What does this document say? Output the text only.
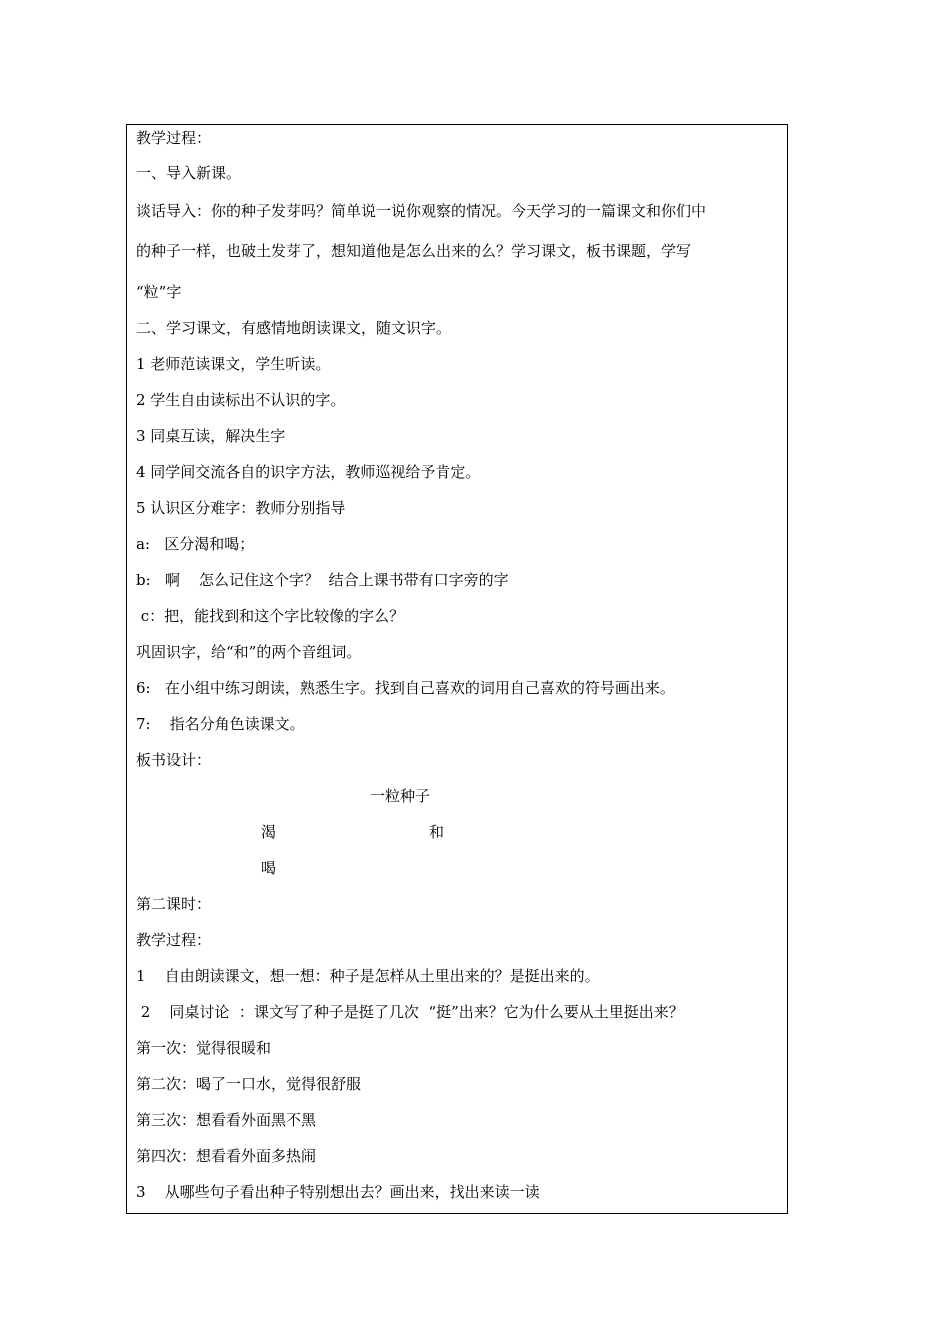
教学过程：

一、导入新课。

谈话导入：你的种子发芽吗？简单说一说你观察的情况。今天学习的一篇课文和你们中

的种子一样，也破土发芽了，想知道他是怎么出来的么？学习课文，板书课题，学写

“粒”字

二、学习课文，有感情地朗读课文，随文识字。

1 老师范读课文，学生听读。

2 学生自由读标出不认识的字。

3 同桌互读，解决生字

4 同学间交流各自的识字方法，教师巡视给予肯定。

5 认识区分难字：教师分别指导

a:   区分渴和喝；

b:   啊    怎么记住这个字？  结合上课书带有口字旁的字

c：把，能找到和这个字比较像的字么？

巩固识字，给“和”的两个音组词。

6:   在小组中练习朗读，熟悉生字。找到自己喜欢的词用自己喜欢的符号画出来。

7:    指名分角色读课文。

板书设计：

一粒种子

渴	和

喝

第二课时：

教学过程：

1    自由朗读课文，想一想：种子是怎样从土里出来的？是挺出来的。

2    同桌讨论  ：课文写了种子是挺了几次  “挺”出来？它为什么要从土里挺出来？

第一次：觉得很暖和

第二次：喝了一口水，觉得很舒服

第三次：想看看外面黑不黑

第四次：想看看外面多热闹

3    从哪些句子看出种子特别想出去？画出来，找出来读一读
